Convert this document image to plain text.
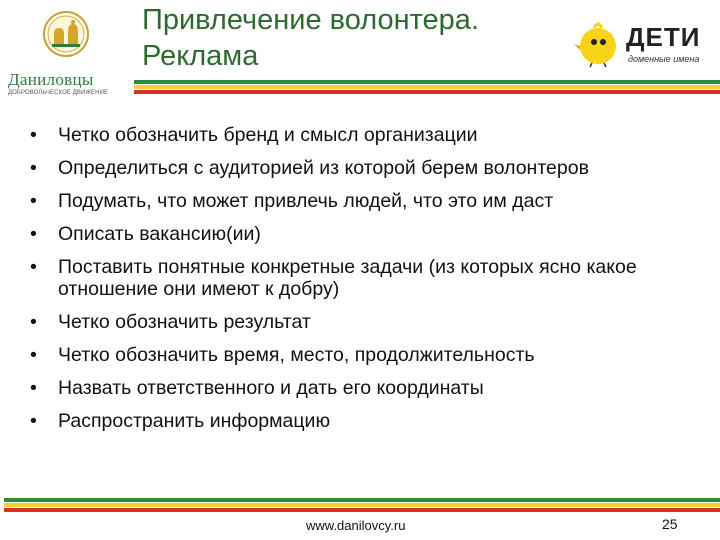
Даниловцы
ДОБРОВОЛЬЧЕСКОЕ ДВИЖЕНИЕ
Привлечение волонтера.
Реклама
ДЕТИ
доменные имена
• Четко обозначить бренд и смысл организации
• Определиться с аудиторией из которой берем волонтеров
• Подумать, что может привлечь людей, что это им даст
• Описать вакансию(ии)
• Поставить понятные конкретные задачи (из которых ясно какое отношение они имеют к добру)
• Четко обозначить результат
• Четко обозначить время, место, продолжительность
• Назвать ответственного и дать его координаты
• Распространить информацию
www.danilovcy.ru	25
